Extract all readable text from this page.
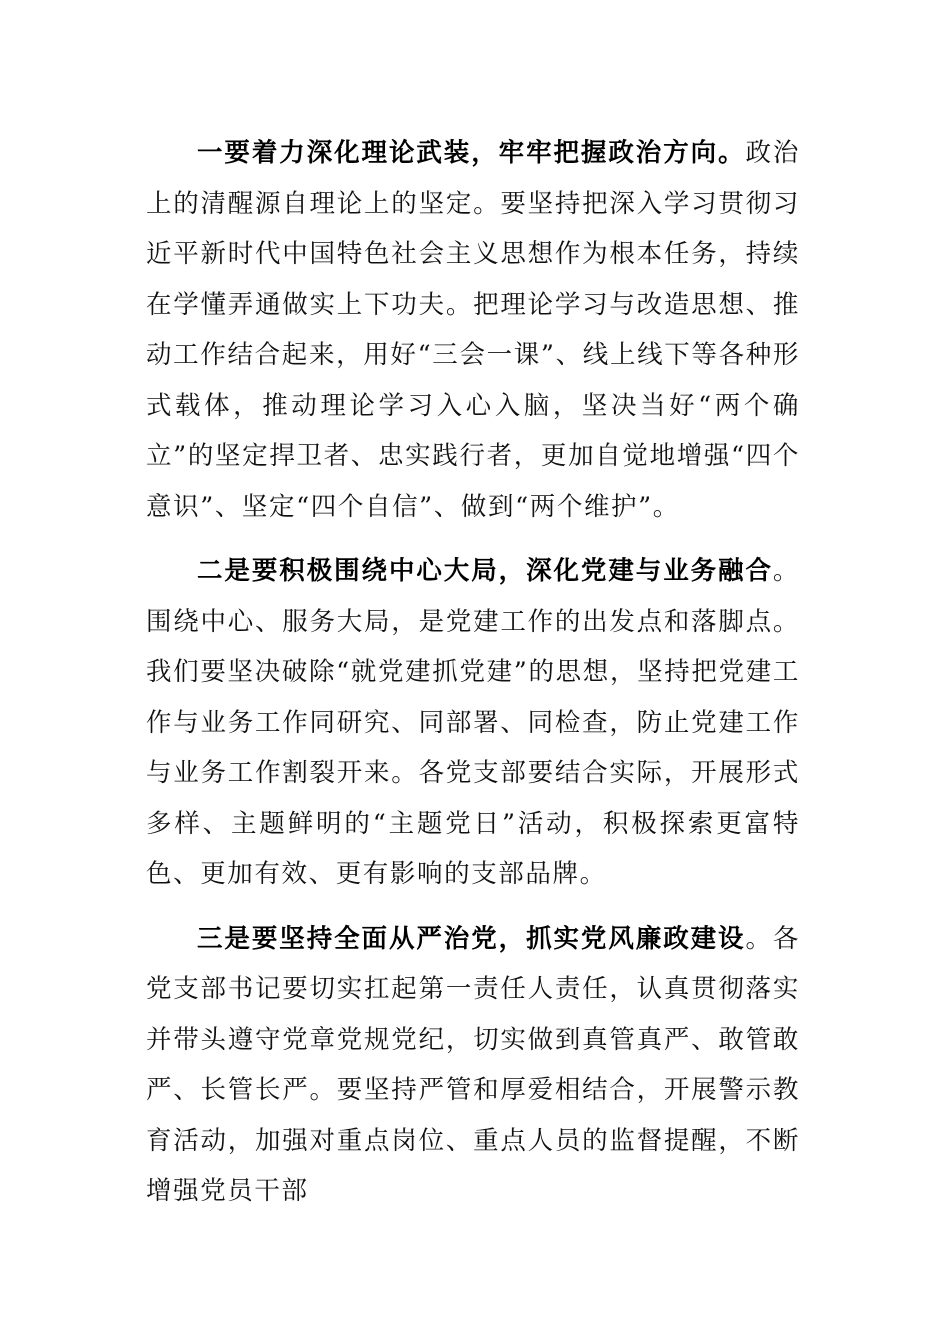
一要着力深化理论武装，牢牢把握政治方向。政治上的清醒源自理论上的坚定。要坚持把深入学习贯彻习近平新时代中国特色社会主义思想作为根本任务，持续在学懂弄通做实上下功夫。把理论学习与改造思想、推动工作结合起来，用好“三会一课”、线上线下等各种形式载体，推动理论学习入心入脑，坚决当好“两个确立”的坚定捍卫者、忠实践行者，更加自觉地增强“四个意识”、坚定“四个自信”、做到“两个维护”。

二是要积极围绕中心大局，深化党建与业务融合。围绕中心、服务大局，是党建工作的出发点和落脚点。我们要坚决破除“就党建抓党建”的思想，坚持把党建工作与业务工作同研究、同部署、同检查，防止党建工作与业务工作割裂开来。各党支部要结合实际，开展形式多样、主题鲜明的“主题党日”活动，积极探索更富特色、更加有效、更有影响的支部品牌。

三是要坚持全面从严治党，抓实党风廉政建设。各党支部书记要切实扛起第一责任人责任，认真贯彻落实并带头遵守党章党规党纪，切实做到真管真严、敢管敢严、长管长严。要坚持严管和厚爱相结合，开展警示教育活动，加强对重点岗位、重点人员的监督提醒，不断增强党员干部
